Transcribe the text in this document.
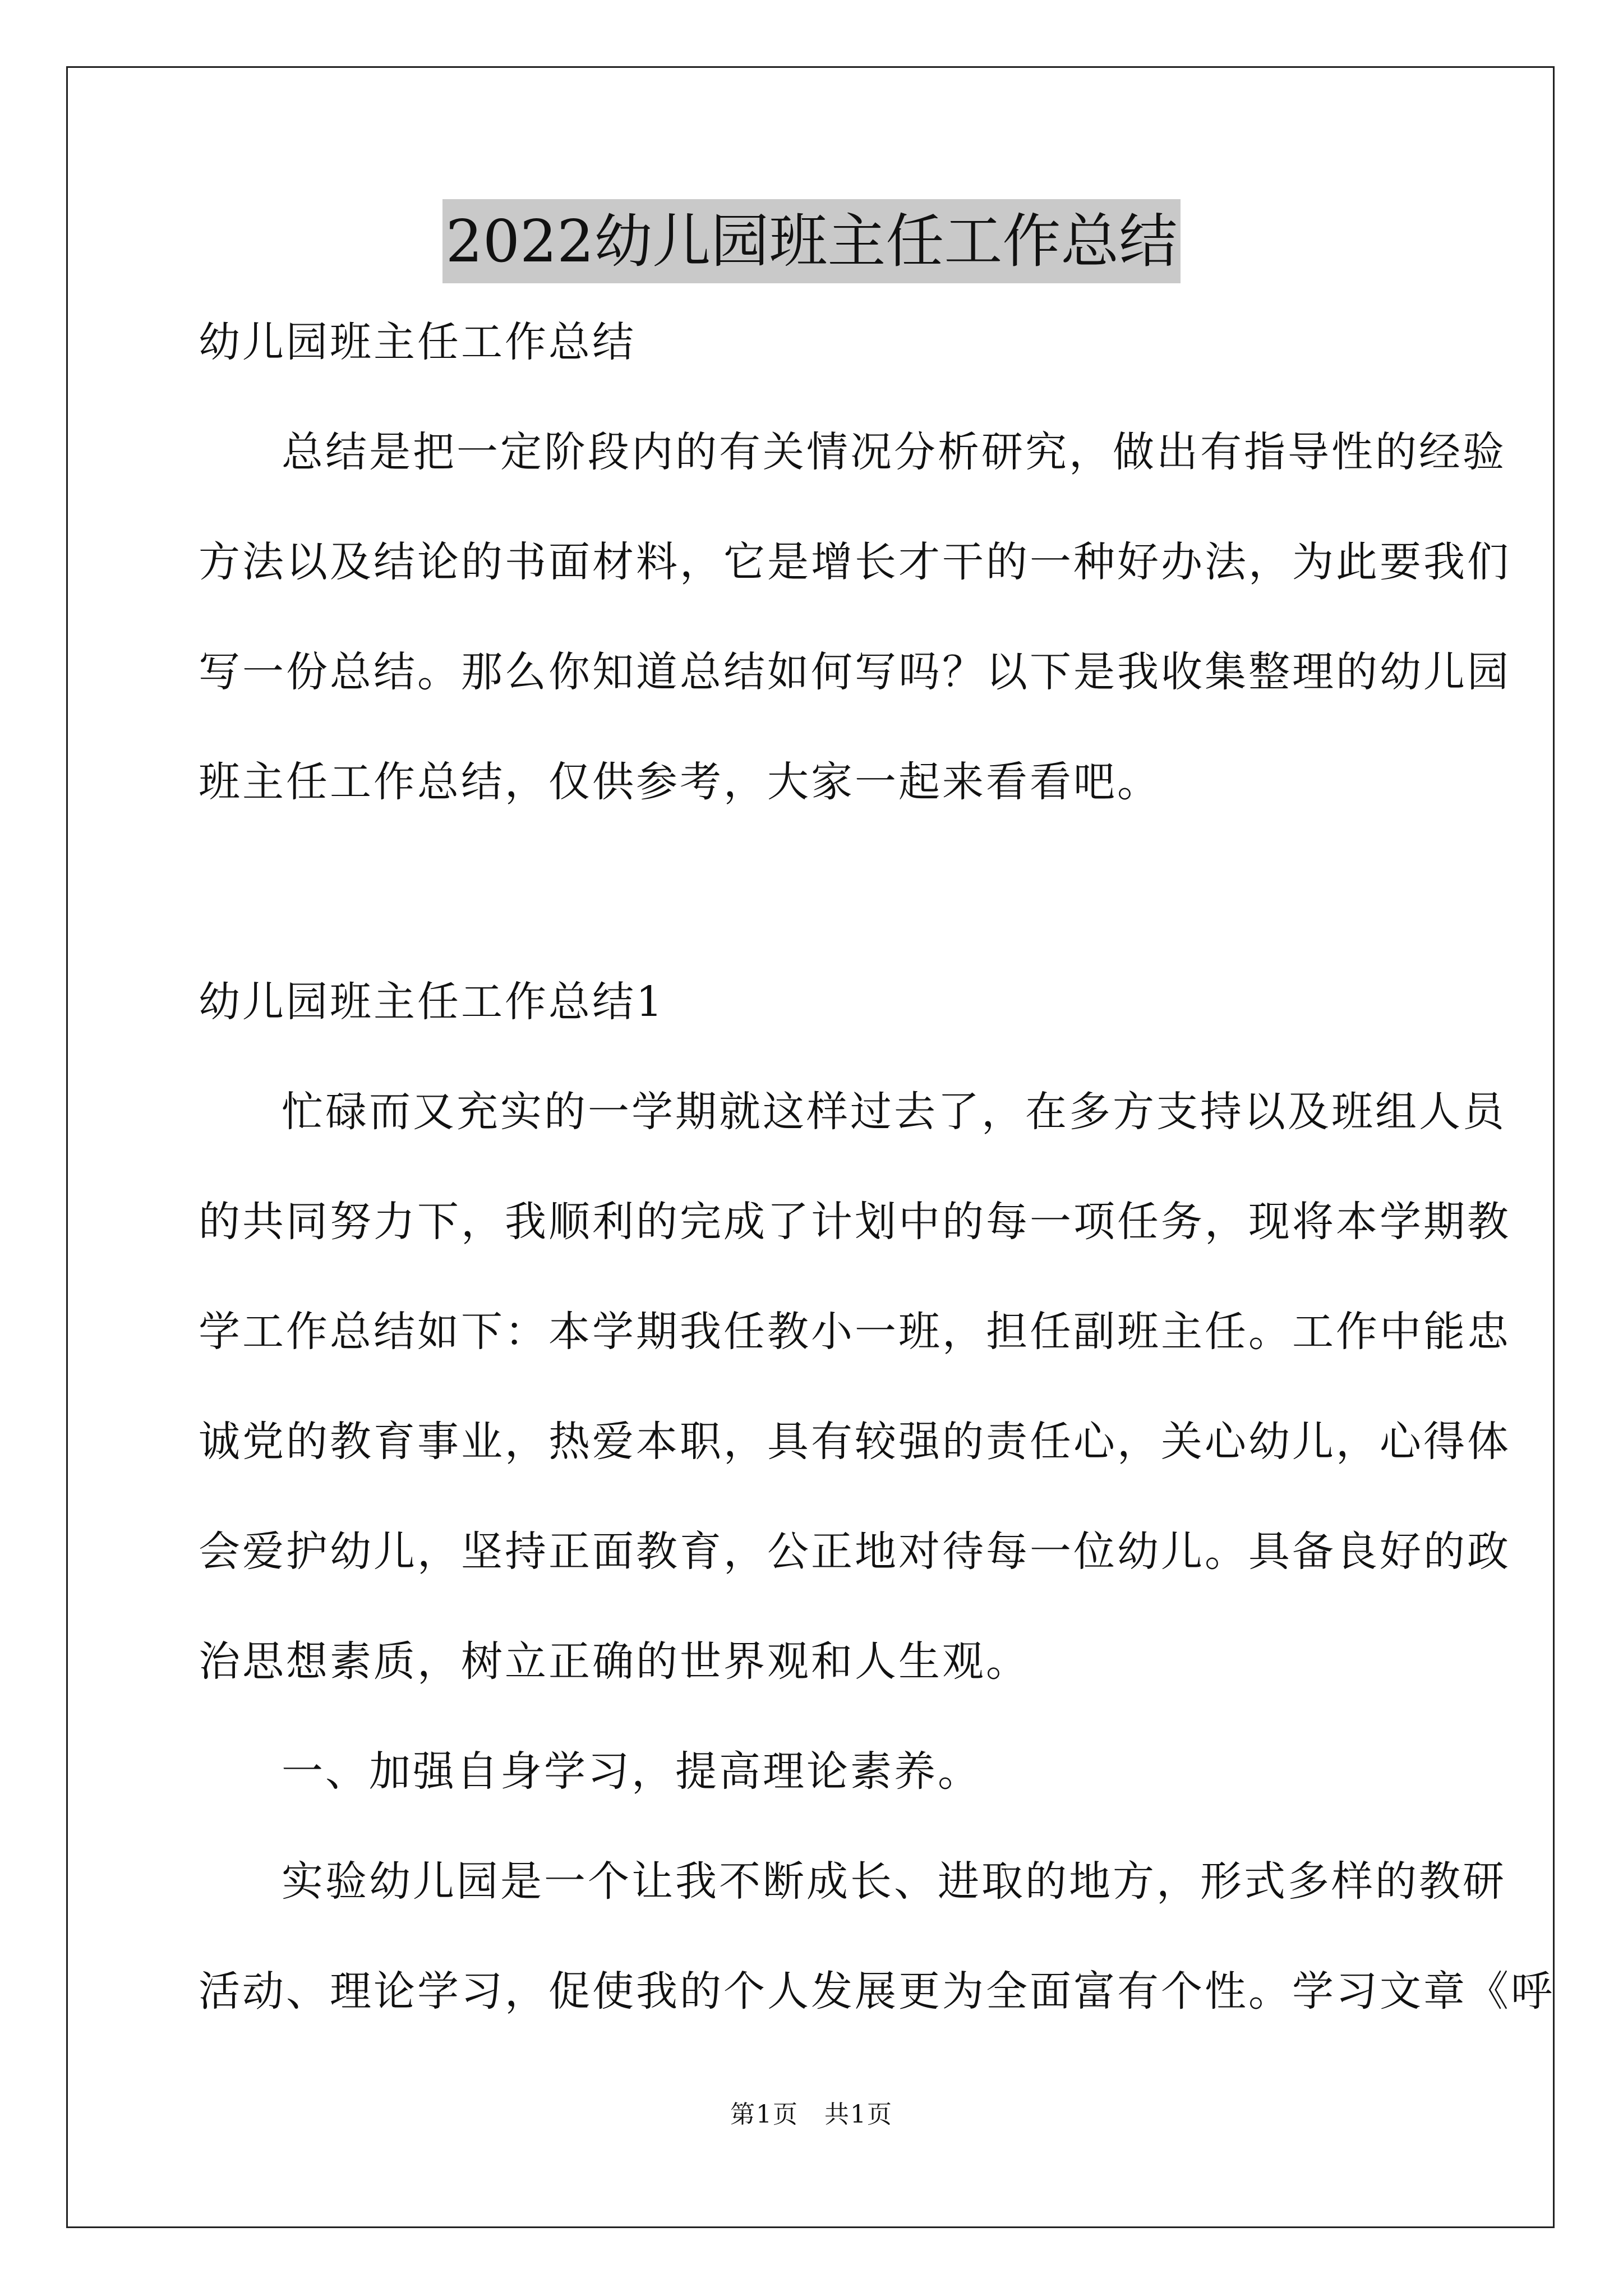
2022幼儿园班主任工作总结
幼儿园班主任工作总结
总结是把一定阶段内的有关情况分析研究，做出有指导性的经验
方法以及结论的书面材料，它是增长才干的一种好办法，为此要我们
写一份总结。那么你知道总结如何写吗？以下是我收集整理的幼儿园
班主任工作总结，仅供参考，大家一起来看看吧。
幼儿园班主任工作总结1
忙碌而又充实的一学期就这样过去了，在多方支持以及班组人员
的共同努力下，我顺利的完成了计划中的每一项任务，现将本学期教
学工作总结如下：本学期我任教小一班，担任副班主任。工作中能忠
诚党的教育事业，热爱本职，具有较强的责任心，关心幼儿，心得体
会爱护幼儿，坚持正面教育，公正地对待每一位幼儿。具备良好的政
治思想素质，树立正确的世界观和人生观。
一、加强自身学习，提高理论素养。
实验幼儿园是一个让我不断成长、进取的地方，形式多样的教研
活动、理论学习，促使我的个人发展更为全面富有个性。学习文章《呼
第1页　共1页
